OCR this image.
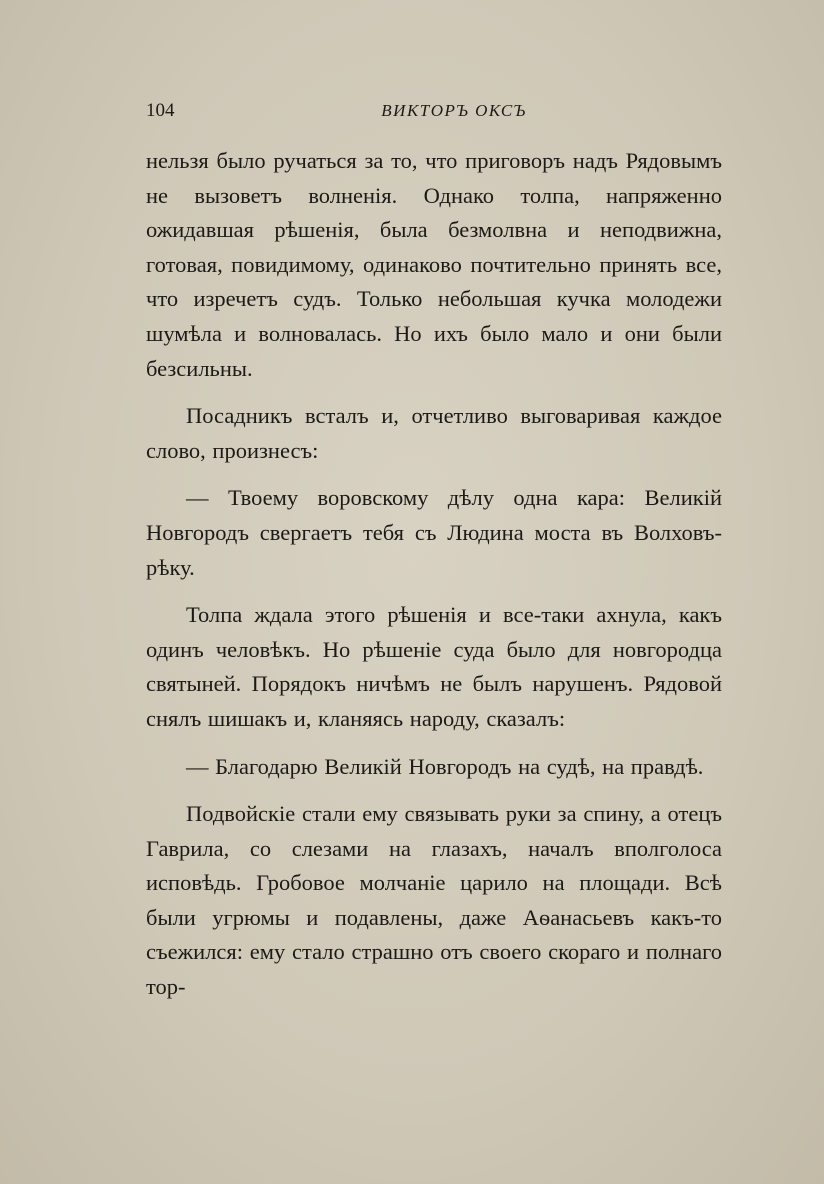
104	ВИКТОРЪ ОКСЪ

нельзя было ручаться за то, что приговоръ надъ Рядовымъ не вызоветъ волненія. Однако толпа, напряженно ожидавшая рѣшенія, была безмолвна и неподвижна, готовая, повидимому, одинаково почтительно принять все, что изречетъ судъ. Только небольшая кучка молодежи шумѣла и волновалась. Но ихъ было мало и они были безсильны.

Посадникъ всталъ и, отчетливо выговаривая каждое слово, произнесъ:

— Твоему воровскому дѣлу одна кара: Великій Новгородъ свергаетъ тебя съ Людина моста въ Волховъ-рѣку.

Толпа ждала этого рѣшенія и все-таки ахнула, какъ одинъ человѣкъ. Но рѣшеніе суда было для новгородца святыней. Порядокъ ничѣмъ не былъ нарушенъ. Рядовой снялъ шишакъ и, кланяясь народу, сказалъ:

— Благодарю Великій Новгородъ на судѣ, на правдѣ.

Подвойскіе стали ему связывать руки за спину, а отецъ Гаврила, со слезами на глазахъ, началъ вполголоса исповѣдь. Гробовое молчаніе царило на площади. Всѣ были угрюмы и подавлены, даже Аѳанасьевъ какъ-то съежился: ему стало страшно отъ своего скораго и полнаго тор-
